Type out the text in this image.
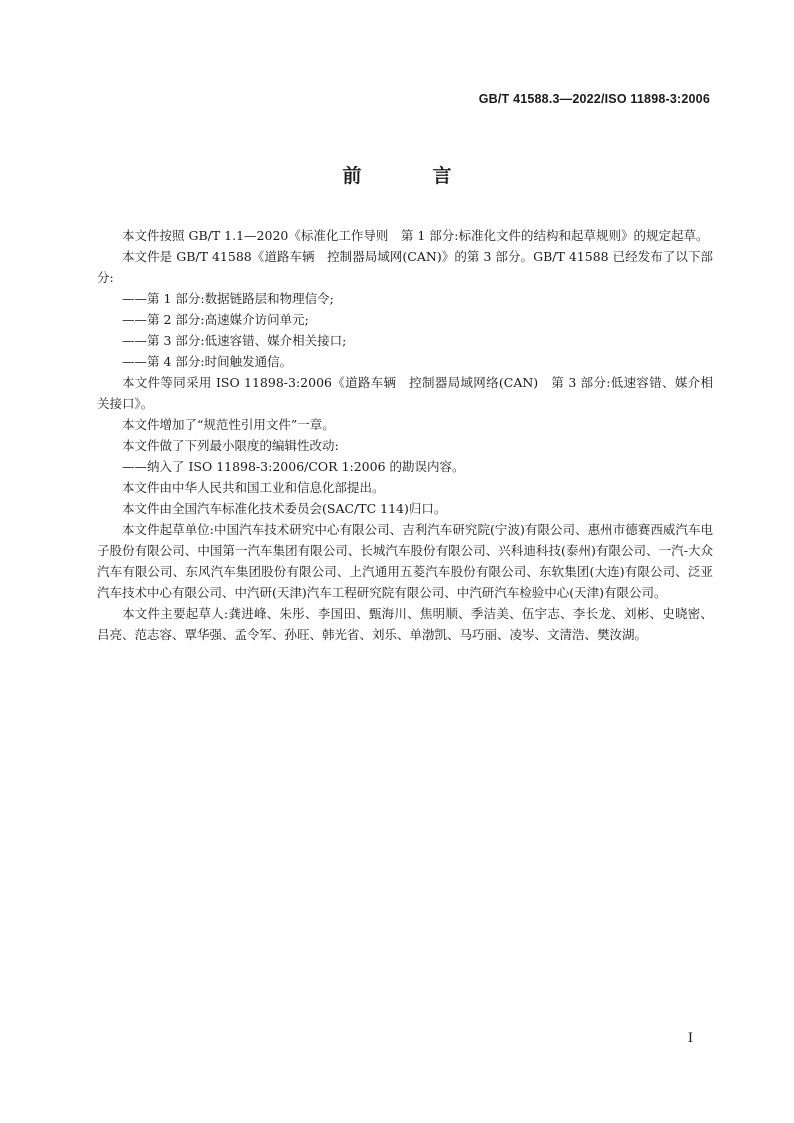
GB/T 41588.3—2022/ISO 11898-3:2006
前　言

本文件按照 GB/T 1.1—2020《标准化工作导则　第 1 部分:标准化文件的结构和起草规则》的规定起草。

本文件是 GB/T 41588《道路车辆　控制器局域网(CAN)》的第 3 部分。GB/T 41588 已经发布了以下部分:

——第 1 部分:数据链路层和物理信令;

——第 2 部分:高速媒介访问单元;

——第 3 部分:低速容错、媒介相关接口;

——第 4 部分:时间触发通信。

本文件等同采用 ISO 11898-3:2006《道路车辆　控制器局域网络(CAN)　第 3 部分:低速容错、媒介相关接口》。

本文件增加了“规范性引用文件”一章。

本文件做了下列最小限度的编辑性改动:

——纳入了 ISO 11898-3:2006/COR 1:2006 的勘误内容。

本文件由中华人民共和国工业和信息化部提出。

本文件由全国汽车标准化技术委员会(SAC/TC 114)归口。

本文件起草单位:中国汽车技术研究中心有限公司、吉利汽车研究院(宁波)有限公司、惠州市德赛西威汽车电子股份有限公司、中国第一汽车集团有限公司、长城汽车股份有限公司、兴科迪科技(泰州)有限公司、一汽-大众汽车有限公司、东风汽车集团股份有限公司、上汽通用五菱汽车股份有限公司、东软集团(大连)有限公司、泛亚汽车技术中心有限公司、中汽研(天津)汽车工程研究院有限公司、中汽研汽车检验中心(天津)有限公司。

本文件主要起草人:龚进峰、朱彤、李国田、甄海川、焦明顺、季洁美、伍宇志、李长龙、刘彬、史晓密、吕亮、范志容、覃华强、孟令军、孙旺、韩光省、刘乐、单渤凯、马巧丽、凌岑、文清浩、樊汝湖。

I
